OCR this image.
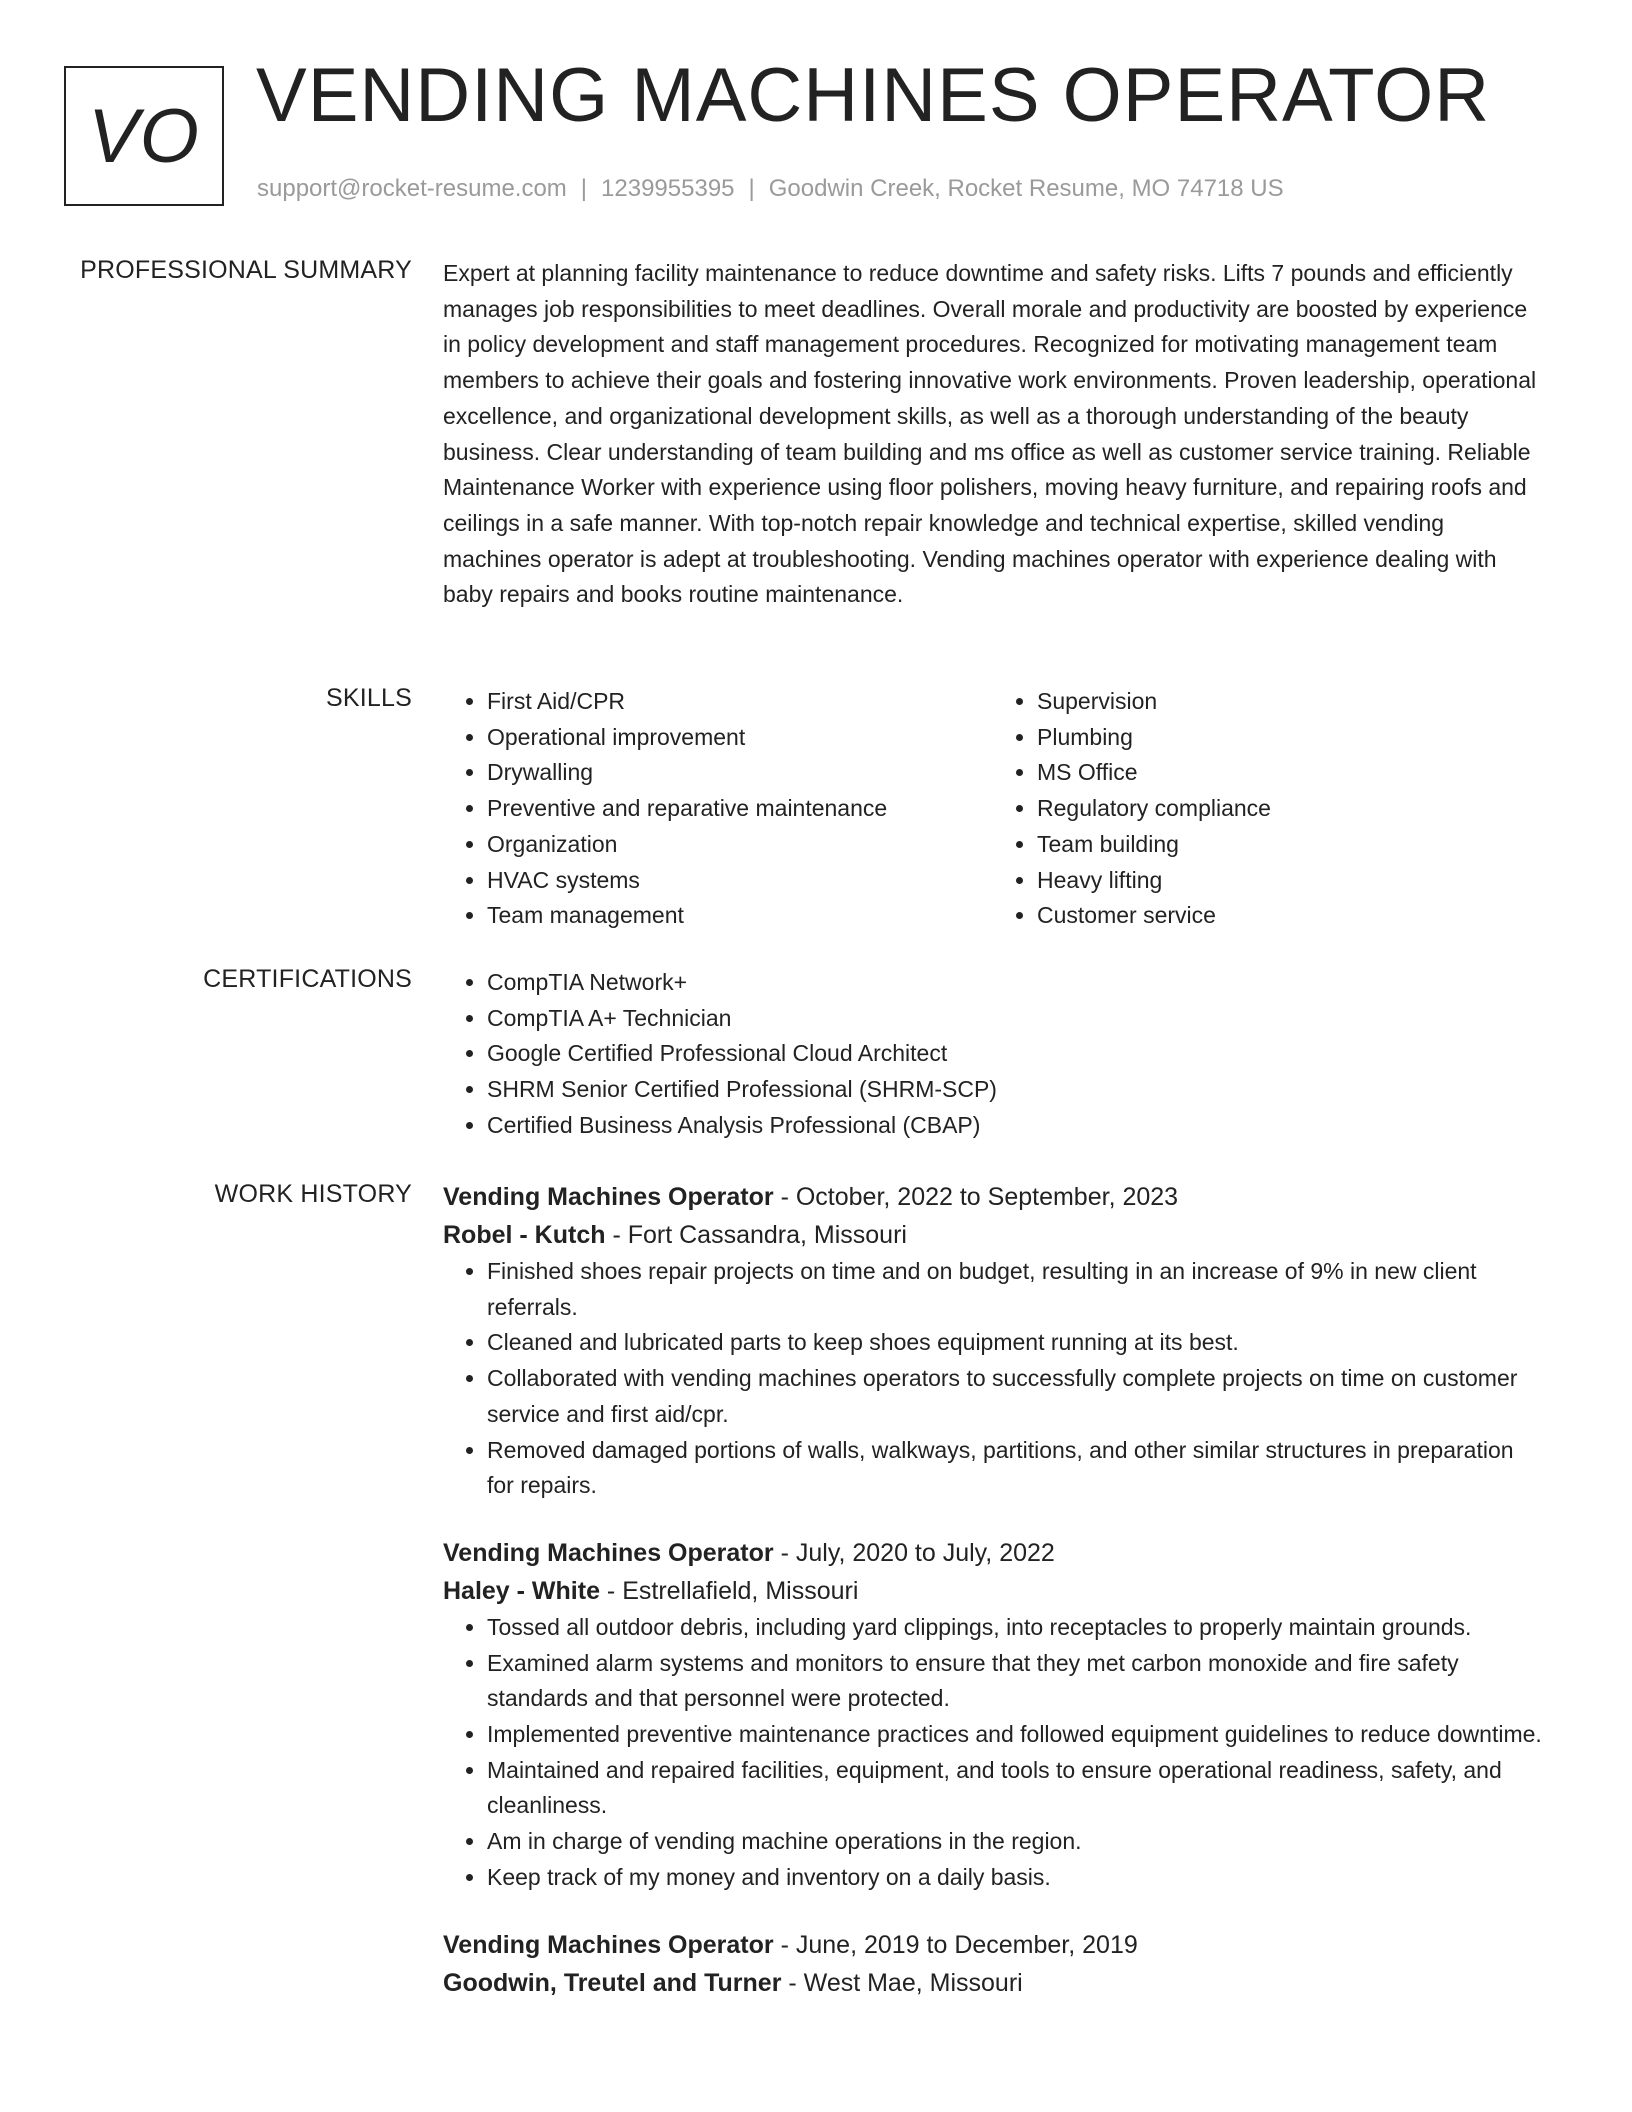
VO VENDING MACHINES OPERATOR
support@rocket-resume.com | 1239955395 | Goodwin Creek, Rocket Resume, MO 74718 US
PROFESSIONAL SUMMARY Expert at planning facility maintenance to reduce downtime and safety risks. Lifts 7 pounds and efficiently manages job responsibilities to meet deadlines. Overall morale and productivity are boosted by experience in policy development and staff management procedures. Recognized for motivating management team members to achieve their goals and fostering innovative work environments. Proven leadership, operational excellence, and organizational development skills, as well as a thorough understanding of the beauty business. Clear understanding of team building and ms office as well as customer service training. Reliable Maintenance Worker with experience using floor polishers, moving heavy furniture, and repairing roofs and ceilings in a safe manner. With top-notch repair knowledge and technical expertise, skilled vending machines operator is adept at troubleshooting. Vending machines operator with experience dealing with baby repairs and books routine maintenance.

SKILLS	• First Aid/CPR
• Operational improvement
• Drywalling
• Preventive and reparative maintenance
• Organization
• HVAC systems
• Team management
• Supervision
• Plumbing
• MS Office
• Regulatory compliance
• Team building
• Heavy lifting
• Customer service
CERTIFICATIONS	• CompTIA Network+
• CompTIA A+ Technician
• Google Certified Professional Cloud Architect
• SHRM Senior Certified Professional (SHRM-SCP)
• Certified Business Analysis Professional (CBAP)
WORK HISTORY Vending Machines Operator - October, 2022 to September, 2023
Robel - Kutch - Fort Cassandra, Missouri
• Finished shoes repair projects on time and on budget, resulting in an increase of 9% in new client referrals.
• Cleaned and lubricated parts to keep shoes equipment running at its best.
• Collaborated with vending machines operators to successfully complete projects on time on customer service and first aid/cpr.
• Removed damaged portions of walls, walkways, partitions, and other similar structures in preparation for repairs.
Vending Machines Operator - July, 2020 to July, 2022
Haley - White - Estrellafield, Missouri
• Tossed all outdoor debris, including yard clippings, into receptacles to properly maintain grounds.
• Examined alarm systems and monitors to ensure that they met carbon monoxide and fire safety standards and that personnel were protected.
• Implemented preventive maintenance practices and followed equipment guidelines to reduce downtime.
• Maintained and repaired facilities, equipment, and tools to ensure operational readiness, safety, and cleanliness.
• Am in charge of vending machine operations in the region.
• Keep track of my money and inventory on a daily basis.
Vending Machines Operator - June, 2019 to December, 2019
Goodwin, Treutel and Turner - West Mae, Missouri
